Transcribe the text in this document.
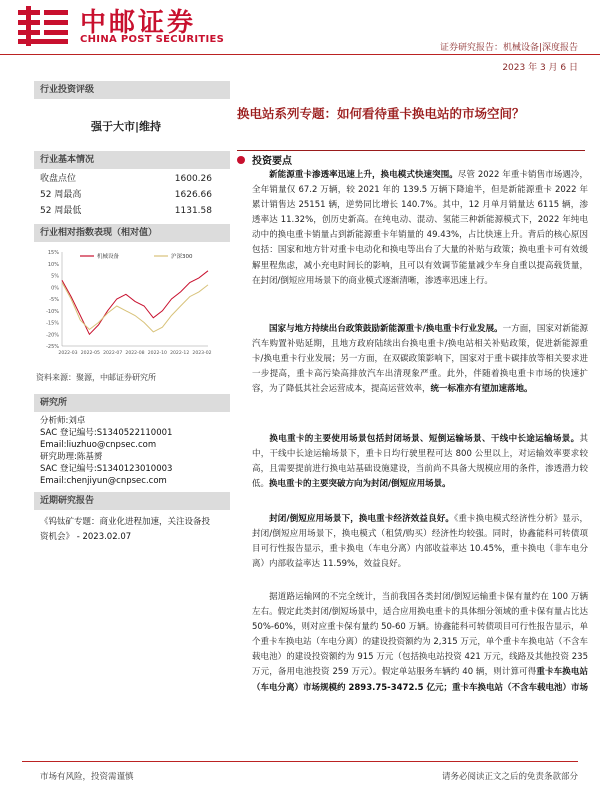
中邮证券
CHINA POST SECURITIES
证券研究报告：机械设备|深度报告
2023 年 3 月 6 日
行业投资评级
强于大市|维持
行业基本情况
收盘点位	1600.26
52 周最高	1626.66
52 周最低	1131.58
行业相对指数表现（相对值）
15%
10%
5%
0%
-5%
-10%
-15%
-20%
-25%
2022-03 2022-05 2022-07 2022-08 2022-10 2022-12 2023-02
机械设备	沪深300
资料来源：聚源，中邮证券研究所
研究所
分析师:刘卓
SAC 登记编号:S1340522110001
Email:liuzhuo@cnpsec.com
研究助理:陈基赟
SAC 登记编号:S1340123010003
Email:chenjiyun@cnpsec.com
近期研究报告
《钨钛矿专题：商业化进程加速，关注设备投资机会》 - 2023.02.07
换电站系列专题：如何看待重卡换电站的市场空间？
投资要点
  新能源重卡渗透率迅速上升，换电模式快速突围。尽管 2022 年重卡销售市场遇冷，全年销量仅 67.2 万辆，较 2021 年的 139.5 万辆下降逾半，但是新能源重卡 2022 年累计销售达 25151 辆，逆势同比增长 140.7%。其中，12 月单月销量达 6115 辆，渗透率达 11.32%，创历史新高。在纯电动、混动、氢能三种新能源模式下，2022 年纯电动中的换电重卡销量占到新能源重卡年销量的 49.43%，占比快速上升。背后的核心原因包括：国家和地方针对重卡电动化和换电等出台了大量的补贴与政策；换电重卡可有效缓解里程焦虑，减小充电时间长的影响，且可以有效调节能量减少车身自重以提高载货量，在封闭/倒短应用场景下的商业模式逐渐清晰，渗透率迅速上行。
  国家与地方持续出台政策鼓励新能源重卡/换电重卡行业发展。一方面，国家对新能源汽车购置补贴延期，且地方政府陆续出台换电重卡/换电站相关补贴政策，促进新能源重卡/换电重卡行业发展；另一方面，在双碳政策影响下，国家对于重卡碳排放等相关要求进一步提高，重卡高污染高排放汽车出清现象严重。此外，伴随着换电重卡市场的快速扩容，为了降低其社会运营成本，提高运营效率，统一标准亦有望加速落地。
  换电重卡的主要使用场景包括封闭场景、短倒运输场景、干线中长途运输场景。其中，干线中长途运输场景下，重卡日均行驶里程可达 800 公里以上，对运输效率要求较高，且需要提前进行换电站基础设施建设，当前尚不具备大规模应用的条件，渗透潜力较低。换电重卡的主要突破方向为封闭/倒短应用场景。
  封闭/倒短应用场景下，换电重卡经济效益良好。《重卡换电模式经济性分析》显示，封闭/倒短应用场景下，换电模式（租赁/购买）经济性均较强。同时，协鑫能科可转债项目可行性报告显示，重卡换电（车电分离）内部收益率达 10.45%，重卡换电（非车电分离）内部收益率达 11.59%，效益良好。
  据道路运输网的不完全统计，当前我国各类封闭/倒短运输重卡保有量约在 100 万辆左右。假定此类封闭/倒短场景中，适合应用换电重卡的具体细分领域的重卡保有量占比达 50%-60%，则对应重卡保有量约 50-60 万辆。协鑫能科可转债项目可行性报告显示，单个重卡车换电站（车电分离）的建设投资额约为 2,315 万元，单个重卡车换电站（不含车载电池）的建设投资额约为 915 万元（包括换电站投资 421 万元，线路及其他投资 235 万元，备用电池投资 259 万元）。假定单站服务车辆约 40 辆，则计算可得重卡车换电站（车电分离）市场规模约 2893.75-3472.5 亿元；重卡车换电站（不含车载电池）市场
市场有风险，投资需谨慎	请务必阅读正文之后的免责条款部分
